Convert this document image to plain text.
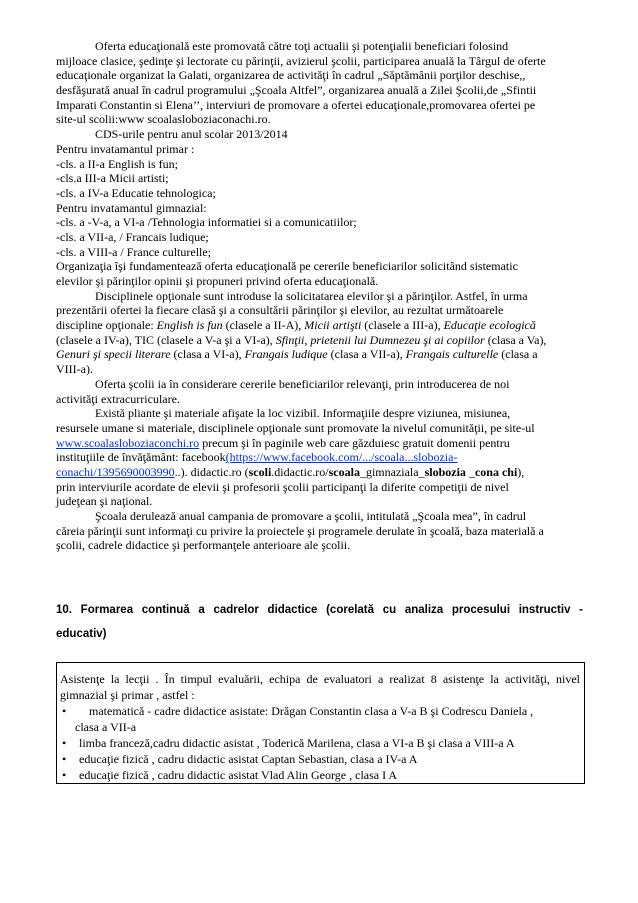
Oferta educaţională este promovată către toţi actualii şi potenţialii beneficiari folosind
mijloace clasice, şedinţe şi lectorate cu părinţii, avizierul şcolii, participarea anuală la Târgul de oferte
educaţionale organizat la Galati, organizarea de activităţi în cadrul „Săptămânii porţilor deschise,,
desfăşurată anual în cadrul programului „Şcoala Altfel”, organizarea anuală a Zilei Şcolii,de „Sfintii
Imparati Constantin si Elena’’, interviuri de promovare a ofertei educaţionale,promovarea ofertei pe
site-ul scolii:www scoalasloboziaconachi.ro.
CDS-urile pentru anul scolar 2013/2014
Pentru invatamantul primar :
-cls. a II-a English is fun;
-cls.a III-a Micii artisti;
-cls. a IV-a Educatie tehnologica;
Pentru invatamantul gimnazial:
-cls. a -V-a, a VI-a /Tehnologia informatiei si a comunicatiilor;
-cls. a VII-a, / Francais ludique;
-cls. a VIII-a / France culturelle;
Organizaţia îşi fundamentează oferta educaţională pe cererile beneficiarilor solicitând sistematic
elevilor şi părinţilor opinii şi propuneri privind oferta educaţională.
Disciplinele opţionale sunt introduse la solicitatarea elevilor şi a părinţilor. Astfel, în urma
prezentării ofertei la fiecare clasă şi a consultării părinţilor şi elevilor, au rezultat următoarele
discipline opţionale: English is fun (clasele a II-A), Micii artişti (clasele a III-a), Educaţie ecologică
(clasele a IV-a), TIC (clasele a V-a şi a VI-a), Sfinţii, prietenii lui Dumnezeu şi ai copiilor (clasa a Va),
Genuri şi specii literare (clasa a VI-a), Frangais ludique (clasa a VII-a), Frangais culturelle (clasa a
VIII-a).
Oferta şcolii ia în considerare cererile beneficiarilor relevanţi, prin introducerea de noi
activităţi extracurriculare.
Există pliante şi materiale afişate la loc vizibil. Informaţiile despre viziunea, misiunea,
resursele umane si materiale, disciplinele opţionale sunt promovate la nivelul comunităţii, pe site-ul
www.scoalasloboziaconchi.ro precum şi în paginile web care găzduiesc gratuit domenii pentru
instituţiile de învăţământ: facebook(https://www.facebook.com/.../scoala...slobozia-
conachi/1395690003990..). didactic.ro (scoli.didactic.ro/scoala_gimnaziala_slobozia _cona chi),
prin interviurile acordate de elevii şi profesorii şcolii participanţi la diferite competiţii de nivel
judeţean şi naţional.
Şcoala derulează anual campania de promovare a şcolii, intitulată „Şcoala mea”, în cadrul
căreia părinţii sunt informaţi cu privire la proiectele şi programele derulate în şcoală, baza materială a
şcolii, cadrele didactice şi performanţele anterioare ale şcolii.
10. Formarea continuă a cadrelor didactice (corelată cu analiza procesului instructiv -
educativ)
Asistenţe la lecţii . În timpul evaluării, echipa de evaluatori a realizat 8 asistenţe la activităţi, nivel
gimnazial şi primar , astfel :
• matematică - cadre didactice asistate: Drăgan Constantin clasa a V-a B şi Codrescu Daniela ,
clasa a VII-a
• limba franceză,cadru didactic asistat , Toderică Marilena, clasa a VI-a B şi clasa a VIII-a A
• educaţie fizică , cadru didactic asistat Captan Sebastian, clasa a IV-a A
• educaţie fizică , cadru didactic asistat Vlad Alin George , clasa I A
